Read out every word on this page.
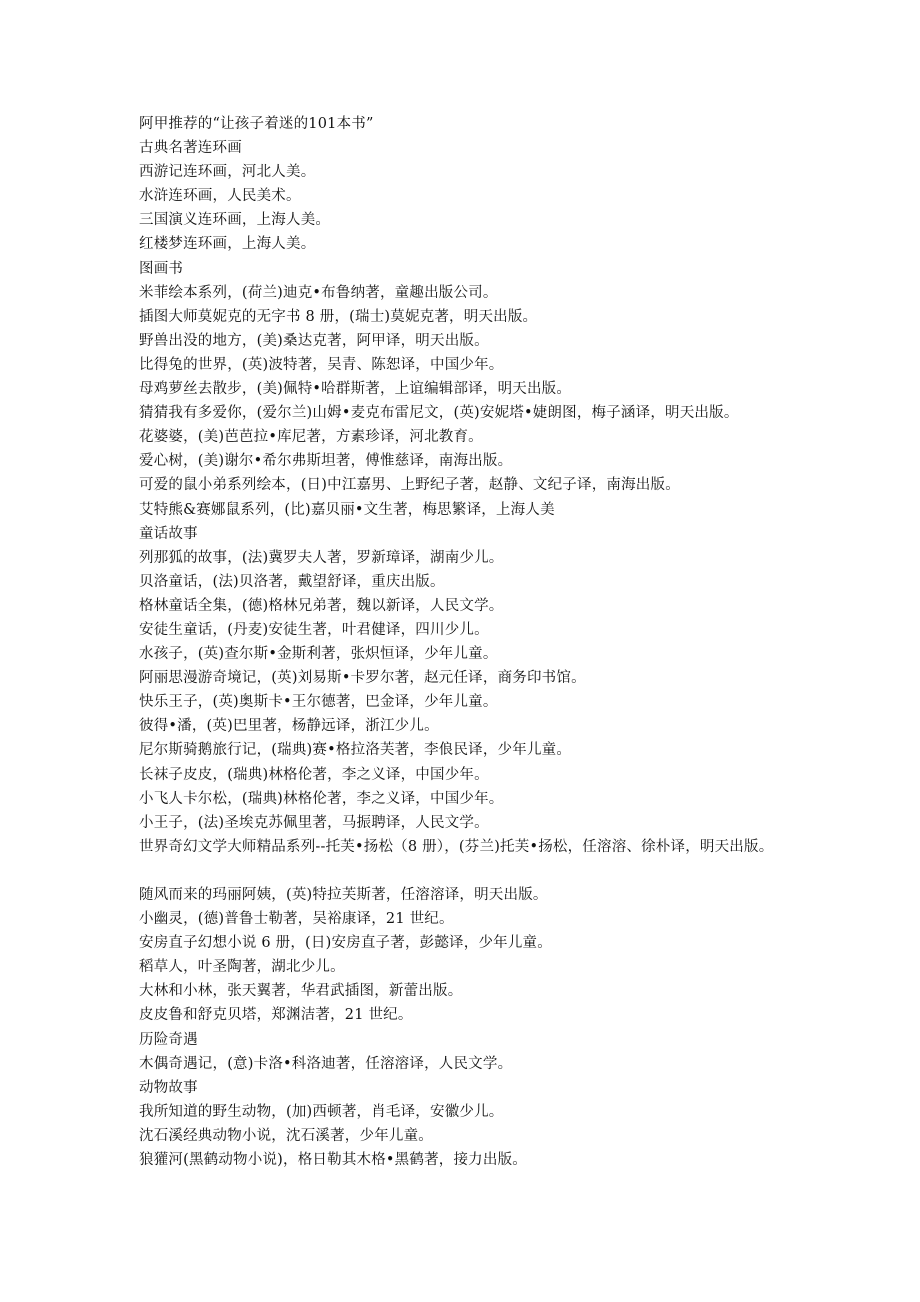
阿甲推荐的“让孩子着迷的101本书”
古典名著连环画
西游记连环画，河北人美。
水浒连环画，人民美术。
三国演义连环画，上海人美。
红楼梦连环画，上海人美。
图画书
米菲绘本系列，(荷兰)迪克•布鲁纳著，童趣出版公司。
插图大师莫妮克的无字书 8 册，(瑞士)莫妮克著，明天出版。
野兽出没的地方，(美)桑达克著，阿甲译，明天出版。
比得兔的世界，(英)波特著，吴青、陈恕译，中国少年。
母鸡萝丝去散步，(美)佩特•哈群斯著，上谊编辑部译，明天出版。
猜猜我有多爱你，(爱尔兰)山姆•麦克布雷尼文，(英)安妮塔•婕朗图，梅子涵译，明天出版。
花婆婆，(美)芭芭拉•库尼著，方素珍译，河北教育。
爱心树，(美)谢尔•希尔弗斯坦著，傅惟慈译，南海出版。
可爱的鼠小弟系列绘本，(日)中江嘉男、上野纪子著，赵静、文纪子译，南海出版。
艾特熊&赛娜鼠系列，(比)嘉贝丽•文生著，梅思繁译，上海人美
童话故事
列那狐的故事，(法)冀罗夫人著，罗新璋译，湖南少儿。
贝洛童话，(法)贝洛著，戴望舒译，重庆出版。
格林童话全集，(德)格林兄弟著，魏以新译，人民文学。
安徒生童话，(丹麦)安徒生著，叶君健译，四川少儿。
水孩子，(英)查尔斯•金斯利著，张炽恒译，少年儿童。
阿丽思漫游奇境记，(英)刘易斯•卡罗尔著，赵元任译，商务印书馆。
快乐王子，(英)奥斯卡•王尔德著，巴金译，少年儿童。
彼得•潘，(英)巴里著，杨静远译，浙江少儿。
尼尔斯骑鹅旅行记，(瑞典)赛•格拉洛芙著，李俍民译，少年儿童。
长袜子皮皮，(瑞典)林格伦著，李之义译，中国少年。
小飞人卡尔松，(瑞典)林格伦著，李之义译，中国少年。
小王子，(法)圣埃克苏佩里著，马振聘译，人民文学。
世界奇幻文学大师精品系列--托芙•扬松（8 册），(芬兰)托芙•扬松，任溶溶、徐朴译，明天出版。
随风而来的玛丽阿姨，(英)特拉芙斯著，任溶溶译，明天出版。
小幽灵，(德)普鲁士勒著，吴裕康译，21 世纪。
安房直子幻想小说 6 册，(日)安房直子著，彭懿译，少年儿童。
稻草人，叶圣陶著，湖北少儿。
大林和小林，张天翼著，华君武插图，新蕾出版。
皮皮鲁和舒克贝塔，郑渊洁著，21 世纪。
历险奇遇
木偶奇遇记，(意)卡洛•科洛迪著，任溶溶译，人民文学。
动物故事
我所知道的野生动物，(加)西顿著，肖毛译，安徽少儿。
沈石溪经典动物小说，沈石溪著，少年儿童。
狼獾河(黑鹤动物小说)，格日勒其木格•黑鹤著，接力出版。
